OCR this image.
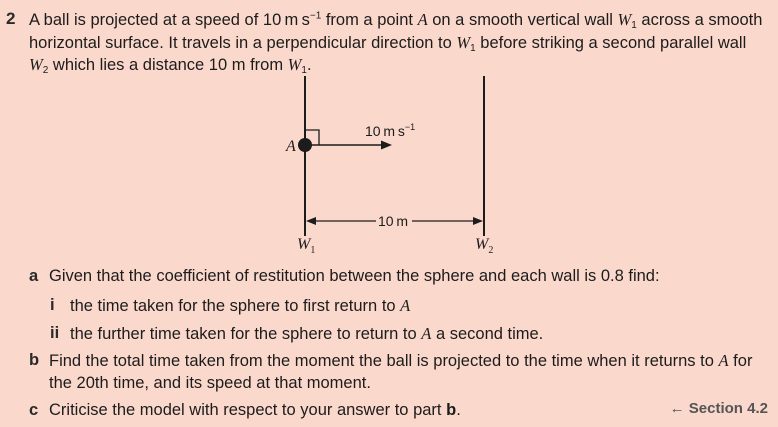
2 A ball is projected at a speed of 10 m $s^{-1}$ from a point A on a smooth vertical wall $W_1$ across a smooth horizontal surface. It travels in a perpendicular direction to $W_1$ before striking a second parallel wall $W_2$ which lies a distance 10 m from $W_1$.
10 m $s^{-1}$
A
10 m
$W_1$	$W_2$
a Given that the coefficient of restitution between the sphere and each wall is 0.8 find:
i the time taken for the sphere to first return to A
ii the further time taken for the sphere to return to A a second time.
b Find the total time taken from the moment the ball is projected to the time when it returns to A for
the 20th time, and its speed at that moment.
c Criticise the model with respect to your answer to part b.	← Section 4.2
